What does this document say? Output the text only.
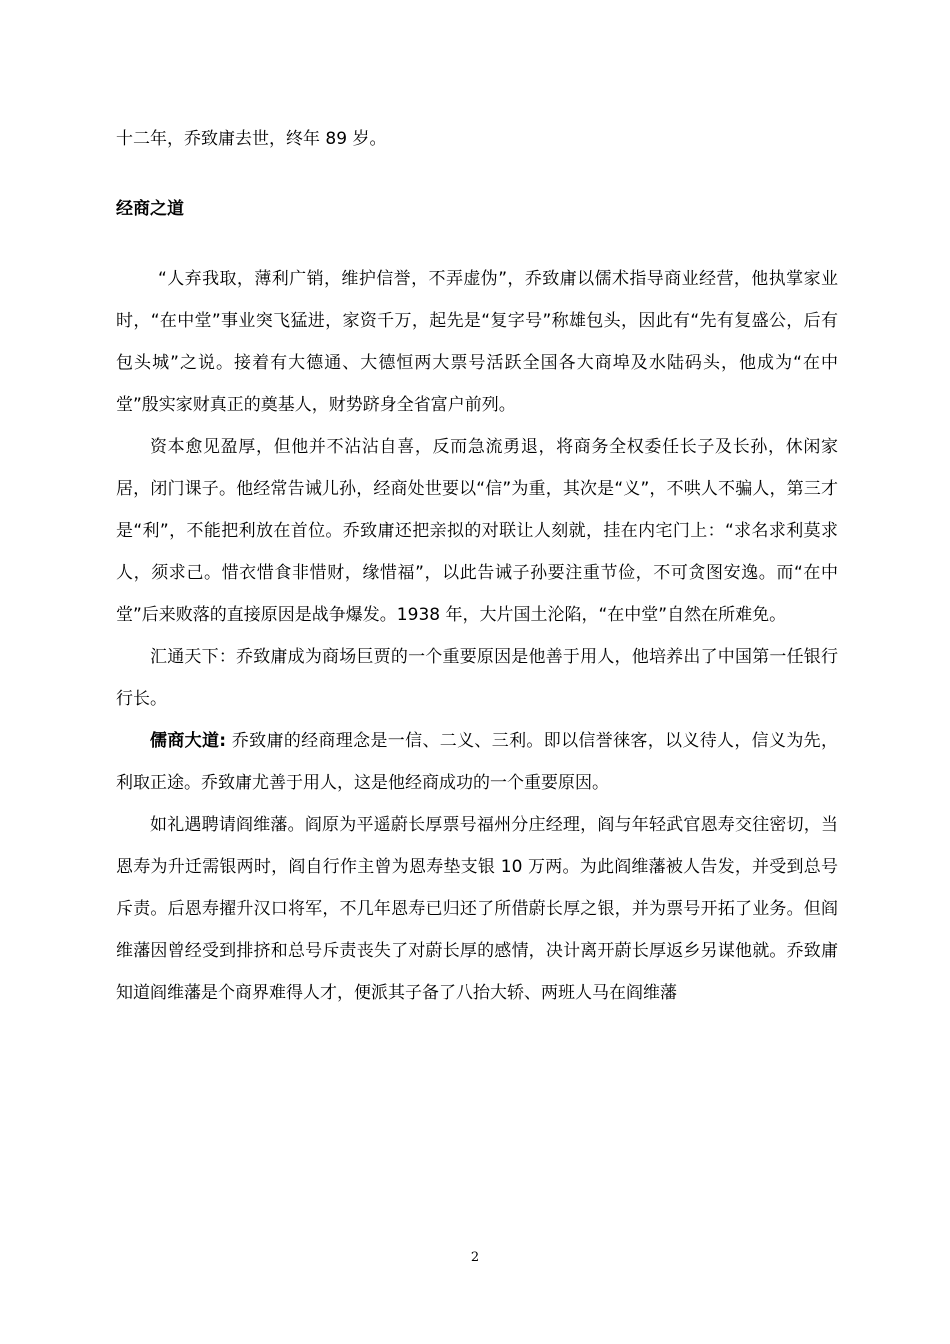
十二年，乔致庸去世，终年 89 岁。

经商之道

“人弃我取，薄利广销，维护信誉，不弄虚伪”，乔致庸以儒术指导商业经营，他执掌家业时，“在中堂”事业突飞猛进，家资千万，起先是“复字号”称雄包头，因此有“先有复盛公，后有包头城”之说。接着有大德通、大德恒两大票号活跃全国各大商埠及水陆码头，他成为“在中堂”殷实家财真正的奠基人，财势跻身全省富户前列。

资本愈见盈厚，但他并不沾沾自喜，反而急流勇退，将商务全权委任长子及长孙，休闲家居，闭门课子。他经常告诫儿孙，经商处世要以“信”为重，其次是“义”，不哄人不骗人，第三才是“利”，不能把利放在首位。乔致庸还把亲拟的对联让人刻就，挂在内宅门上：“求名求利莫求人，须求己。惜衣惜食非惜财，缘惜福”，以此告诫子孙要注重节俭，不可贪图安逸。而“在中堂”后来败落的直接原因是战争爆发。1938 年，大片国土沦陷，“在中堂”自然在所难免。

汇通天下：乔致庸成为商场巨贾的一个重要原因是他善于用人，他培养出了中国第一任银行行长。

儒商大道: 乔致庸的经商理念是一信、二义、三利。即以信誉徕客，以义待人，信义为先，利取正途。乔致庸尤善于用人，这是他经商成功的一个重要原因。

如礼遇聘请阎维藩。阎原为平遥蔚长厚票号福州分庄经理，阎与年轻武官恩寿交往密切，当恩寿为升迁需银两时，阎自行作主曾为恩寿垫支银 10 万两。为此阎维藩被人告发，并受到总号斥责。后恩寿擢升汉口将军，不几年恩寿已归还了所借蔚长厚之银，并为票号开拓了业务。但阎维藩因曾经受到排挤和总号斥责丧失了对蔚长厚的感情，决计离开蔚长厚返乡另谋他就。乔致庸知道阎维藩是个商界难得人才，便派其子备了八抬大轿、两班人马在阎维藩

2
